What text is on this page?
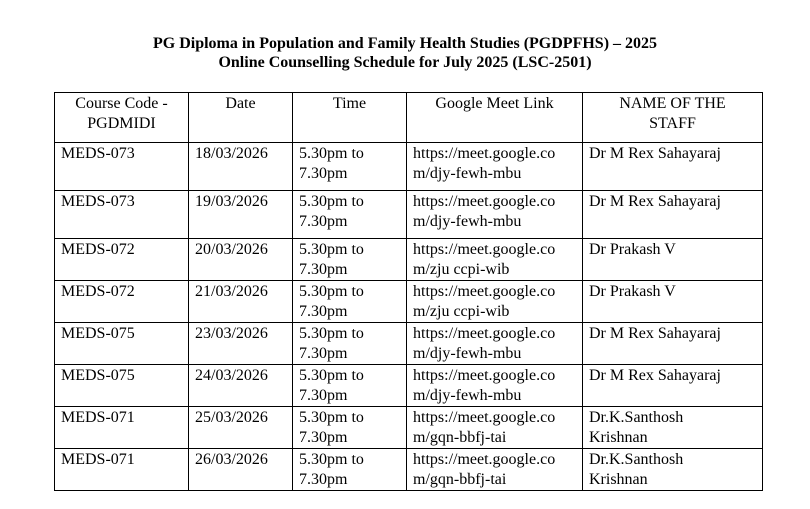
PG Diploma in Population and Family Health Studies (PGDPFHS) – 2025
Online Counselling Schedule for July 2025 (LSC-2501)
Course Code -
PGDMIDI	Date	Time	Google Meet Link	NAME OF THE
STAFF

MEDS-073	18/03/2026	5.30pm to
7.30pm	https://meet.google.co
m/djy-fewh-mbu	Dr M Rex Sahayaraj

MEDS-073	19/03/2026	5.30pm to
7.30pm	https://meet.google.co
m/djy-fewh-mbu	Dr M Rex Sahayaraj

MEDS-072	20/03/2026	5.30pm to
7.30pm	https://meet.google.co
m/zju ccpi-wib	Dr Prakash V

MEDS-072	21/03/2026	5.30pm to
7.30pm	https://meet.google.co
m/zju ccpi-wib	Dr Prakash V

MEDS-075	23/03/2026	5.30pm to
7.30pm	https://meet.google.co
m/djy-fewh-mbu	Dr M Rex Sahayaraj

MEDS-075	24/03/2026	5.30pm to
7.30pm	https://meet.google.co
m/djy-fewh-mbu	Dr M Rex Sahayaraj

MEDS-071	25/03/2026	5.30pm to
7.30pm	https://meet.google.co
m/gqn-bbfj-tai	Dr.K.Santhosh
Krishnan

MEDS-071	26/03/2026	5.30pm to
7.30pm	https://meet.google.co
m/gqn-bbfj-tai	Dr.K.Santhosh
Krishnan
